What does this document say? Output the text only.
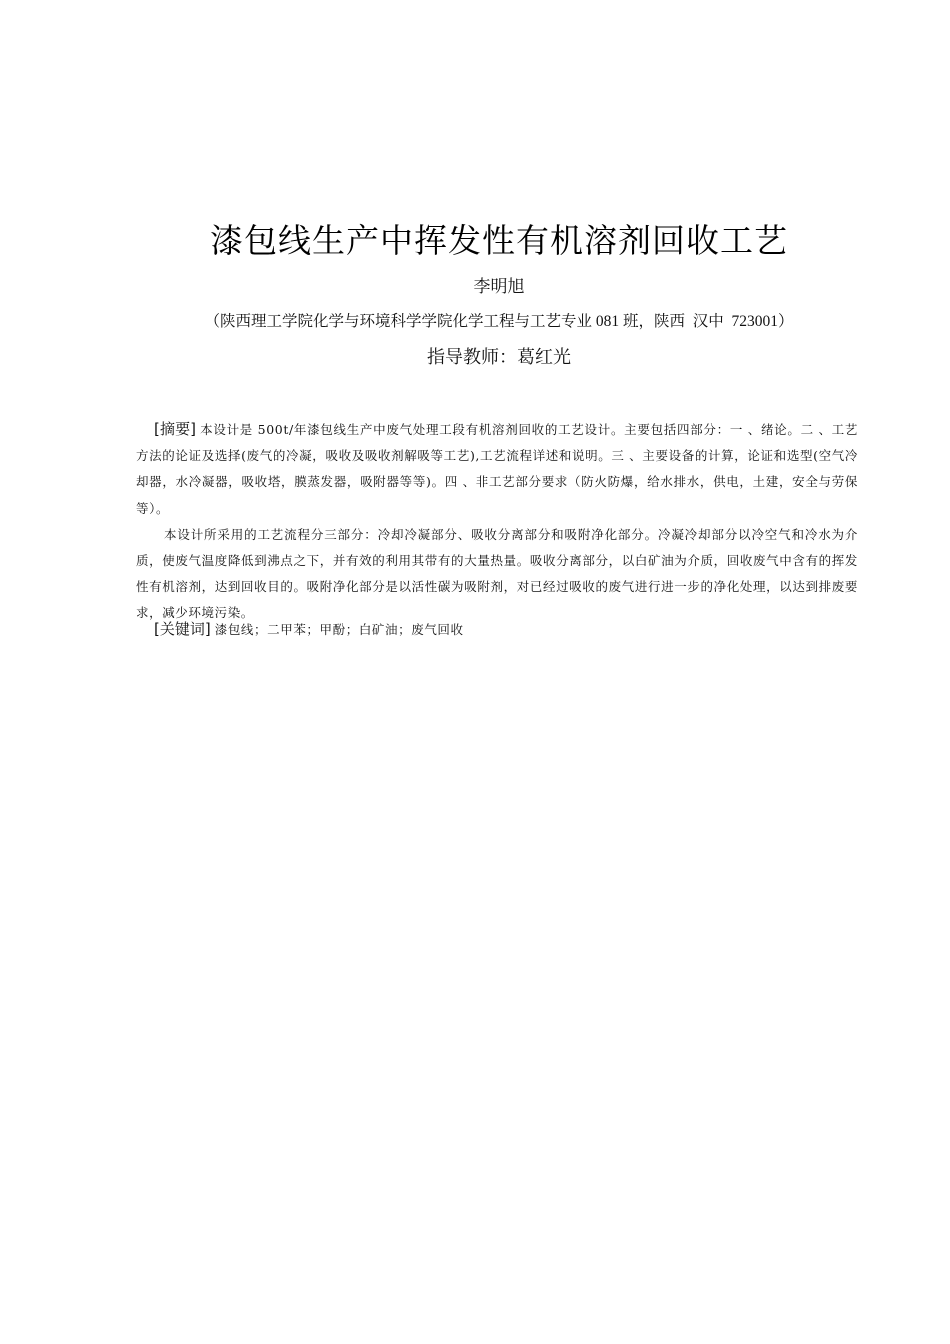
漆包线生产中挥发性有机溶剂回收工艺
李明旭
（陕西理工学院化学与环境科学学院化学工程与工艺专业 081 班，陕西  汉中  723001）
指导教师：葛红光

[摘要] 本设计是 500t/年漆包线生产中废气处理工段有机溶剂回收的工艺设计。主要包括四部分：一 、绪论。二 、工艺方法的论证及选择(废气的冷凝，吸收及吸收剂解吸等工艺),工艺流程详述和说明。三 、主要设备的计算，论证和选型(空气冷却器，水冷凝器，吸收塔，膜蒸发器，吸附器等等)。四 、非工艺部分要求（防火防爆，给水排水，供电，土建，安全与劳保等）。

本设计所采用的工艺流程分三部分：冷却冷凝部分、吸收分离部分和吸附净化部分。冷凝冷却部分以冷空气和冷水为介质，使废气温度降低到沸点之下，并有效的利用其带有的大量热量。吸收分离部分，以白矿油为介质，回收废气中含有的挥发性有机溶剂，达到回收目的。吸附净化部分是以活性碳为吸附剂，对已经过吸收的废气进行进一步的净化处理，以达到排废要求，减少环境污染。

[关键词] 漆包线；二甲苯；甲酚；白矿油；废气回收
